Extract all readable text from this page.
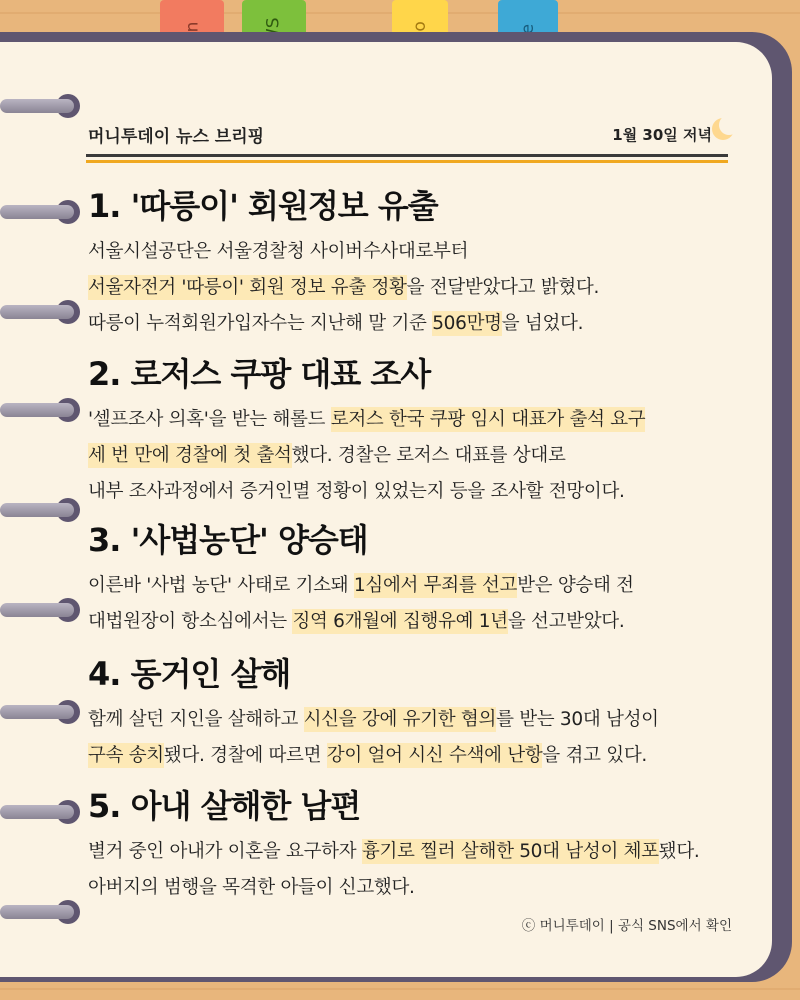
머니투데이 뉴스 브리핑	1월 30일 저녁
1. '따릉이' 회원정보 유출
서울시설공단은 서울경찰청 사이버수사대로부터
서울자전거 '따릉이' 회원 정보 유출 정황을 전달받았다고 밝혔다.
따릉이 누적회원가입자수는 지난해 말 기준 506만명을 넘었다.
2. 로저스 쿠팡 대표 조사
'셀프조사 의혹'을 받는 해롤드 로저스 한국 쿠팡 임시 대표가 출석 요구
세 번 만에 경찰에 첫 출석했다. 경찰은 로저스 대표를 상대로
내부 조사과정에서 증거인멸 정황이 있었는지 등을 조사할 전망이다.
3. '사법농단' 양승태
이른바 '사법 농단' 사태로 기소돼 1심에서 무죄를 선고받은 양승태 전
대법원장이 항소심에서는 징역 6개월에 집행유예 1년을 선고받았다.
4. 동거인 살해
함께 살던 지인을 살해하고 시신을 강에 유기한 혐의를 받는 30대 남성이
구속 송치됐다. 경찰에 따르면 강이 얼어 시신 수색에 난항을 겪고 있다.
5. 아내 살해한 남편
별거 중인 아내가 이혼을 요구하자 흉기로 찔러 살해한 50대 남성이 체포됐다.
아버지의 범행을 목격한 아들이 신고했다.
ⓒ 머니투데이 | 공식 SNS에서 확인
